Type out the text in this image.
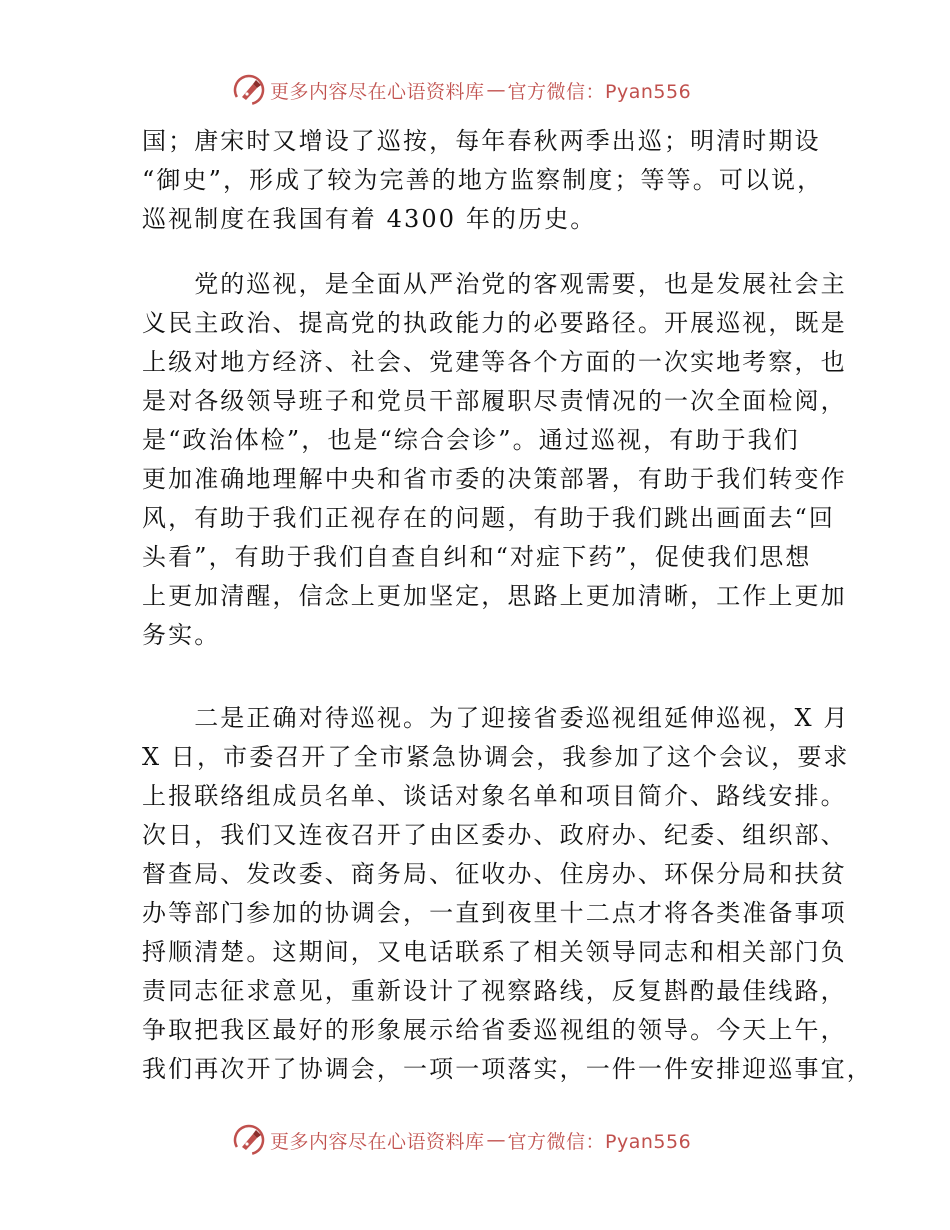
更多内容尽在心语资料库 — 官方微信：Pyan556
国；唐宋时又增设了巡按，每年春秋两季出巡；明清时期设
“御史”，形成了较为完善的地方监察制度；等等。可以说，
巡视制度在我国有着 4300 年的历史。
　　党的巡视，是全面从严治党的客观需要，也是发展社会主
义民主政治、提高党的执政能力的必要路径。开展巡视，既是
上级对地方经济、社会、党建等各个方面的一次实地考察，也
是对各级领导班子和党员干部履职尽责情况的一次全面检阅，
是“政治体检”，也是“综合会诊”。通过巡视，有助于我们
更加准确地理解中央和省市委的决策部署，有助于我们转变作
风，有助于我们正视存在的问题，有助于我们跳出画面去“回
头看”，有助于我们自查自纠和“对症下药”，促使我们思想
上更加清醒，信念上更加坚定，思路上更加清晰，工作上更加
务实。
　　二是正确对待巡视。为了迎接省委巡视组延伸巡视，X 月
X 日，市委召开了全市紧急协调会，我参加了这个会议，要求
上报联络组成员名单、谈话对象名单和项目简介、路线安排。
次日，我们又连夜召开了由区委办、政府办、纪委、组织部、
督查局、发改委、商务局、征收办、住房办、环保分局和扶贫
办等部门参加的协调会，一直到夜里十二点才将各类准备事项
捋顺清楚。这期间，又电话联系了相关领导同志和相关部门负
责同志征求意见，重新设计了视察路线，反复斟酌最佳线路，
争取把我区最好的形象展示给省委巡视组的领导。今天上午，
我们再次开了协调会，一项一项落实，一件一件安排迎巡事宜，
更多内容尽在心语资料库 — 官方微信：Pyan556
